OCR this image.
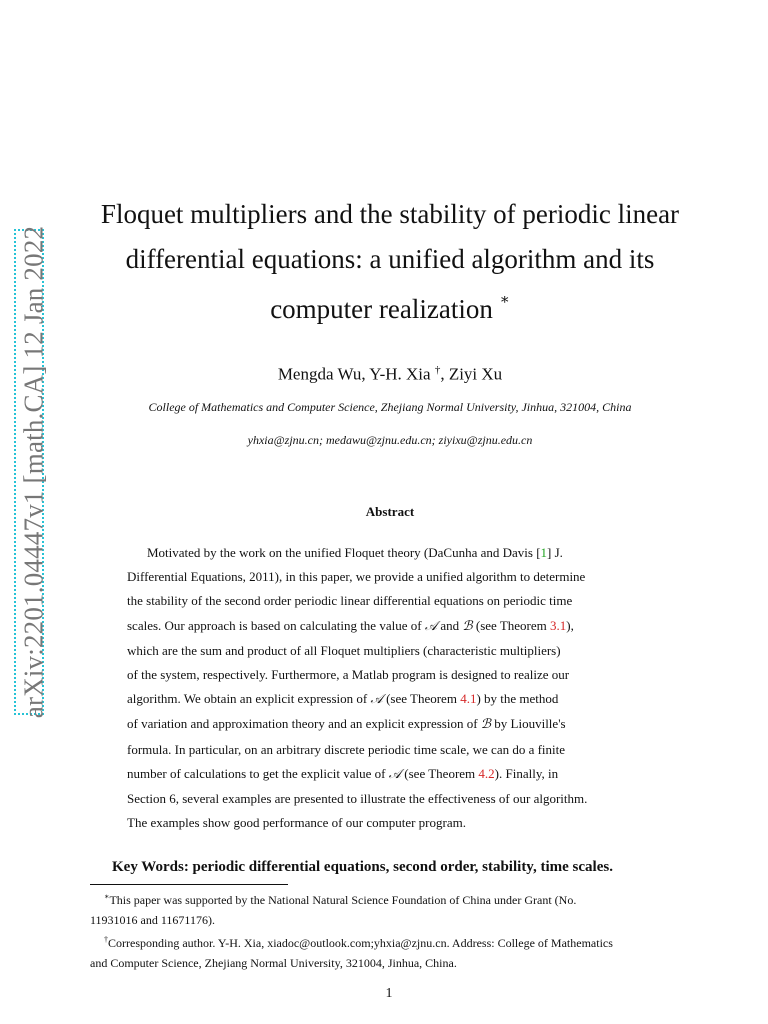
arXiv:2201.04447v1 [math.CA] 12 Jan 2022
Floquet multipliers and the stability of periodic linear
differential equations: a unified algorithm and its
computer realization ∗
Mengda Wu, Y-H. Xia †, Ziyi Xu
College of Mathematics and Computer Science, Zhejiang Normal University, Jinhua, 321004, China
yhxia@zjnu.cn; medawu@zjnu.edu.cn; ziyixu@zjnu.edu.cn
Abstract
Motivated by the work on the unified Floquet theory (DaCunha and Davis [1] J.
Differential Equations, 2011), in this paper, we provide a unified algorithm to determine
the stability of the second order periodic linear differential equations on periodic time
scales. Our approach is based on calculating the value of 𝒜 and ℬ (see Theorem 3.1),
which are the sum and product of all Floquet multipliers (characteristic multipliers)
of the system, respectively. Furthermore, a Matlab program is designed to realize our
algorithm. We obtain an explicit expression of 𝒜 (see Theorem 4.1) by the method
of variation and approximation theory and an explicit expression of ℬ by Liouville's
formula. In particular, on an arbitrary discrete periodic time scale, we can do a finite
number of calculations to get the explicit value of 𝒜 (see Theorem 4.2). Finally, in
Section 6, several examples are presented to illustrate the effectiveness of our algorithm.
The examples show good performance of our computer program.
Key Words: periodic differential equations, second order, stability, time scales.
∗This paper was supported by the National Natural Science Foundation of China under Grant (No.
11931016 and 11671176).
†Corresponding author. Y-H. Xia, xiadoc@outlook.com;yhxia@zjnu.cn. Address: College of Mathematics
and Computer Science, Zhejiang Normal University, 321004, Jinhua, China.
1
